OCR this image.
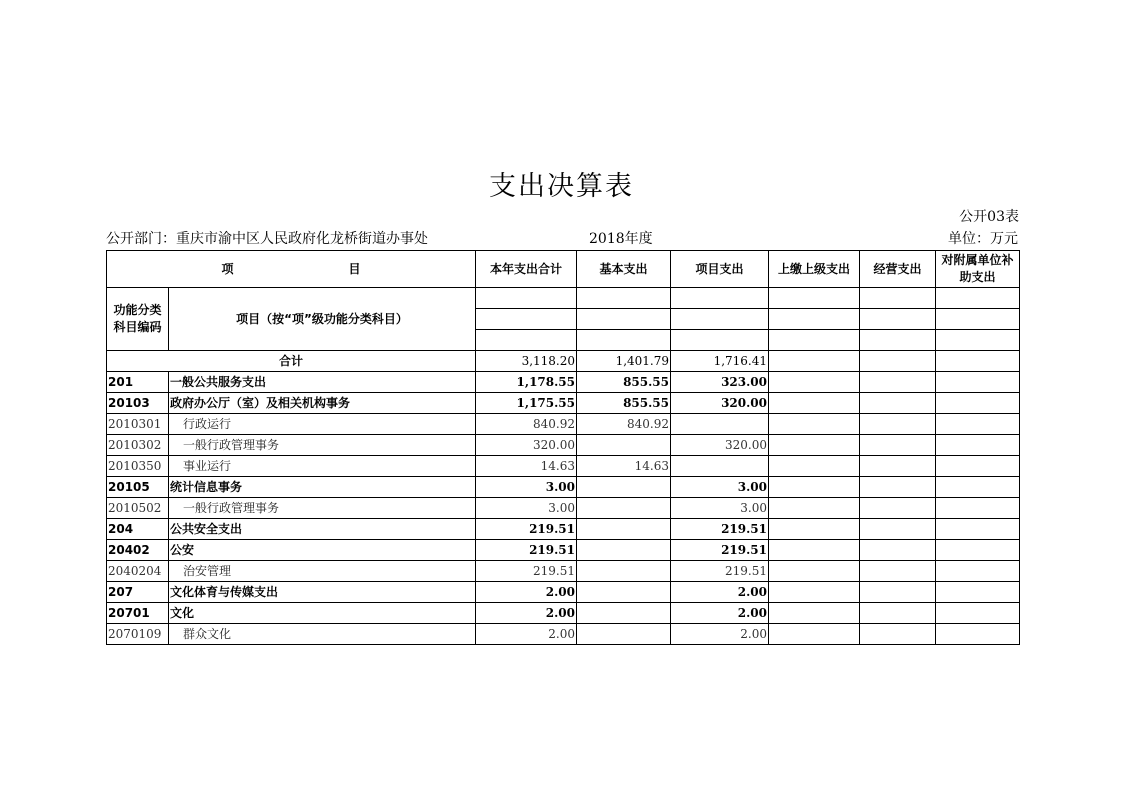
支出决算表
公开03表
公开部门：重庆市渝中区人民政府化龙桥街道办事处	2018年度	单位：万元
项 目		本年支出合计	基本支出	项目支出	上缴上级支出	经营支出	对附属单位补助支出
功能分类科目编码	项目（按“项”级功能分类科目）						

合计		3,118.20	1,401.79	1,716.41			
201	一般公共服务支出	1,178.55	855.55	323.00			
20103	政府办公厅（室）及相关机构事务	1,175.55	855.55	320.00			
2010301	行政运行	840.92	840.92				
2010302	一般行政管理事务	320.00		320.00			
2010350	事业运行	14.63	14.63				
20105	统计信息事务	3.00		3.00			
2010502	一般行政管理事务	3.00		3.00			
204	公共安全支出	219.51		219.51			
20402	公安	219.51		219.51			
2040204	治安管理	219.51		219.51			
207	文化体育与传媒支出	2.00		2.00			
20701	文化	2.00		2.00			
2070109	群众文化	2.00		2.00			
